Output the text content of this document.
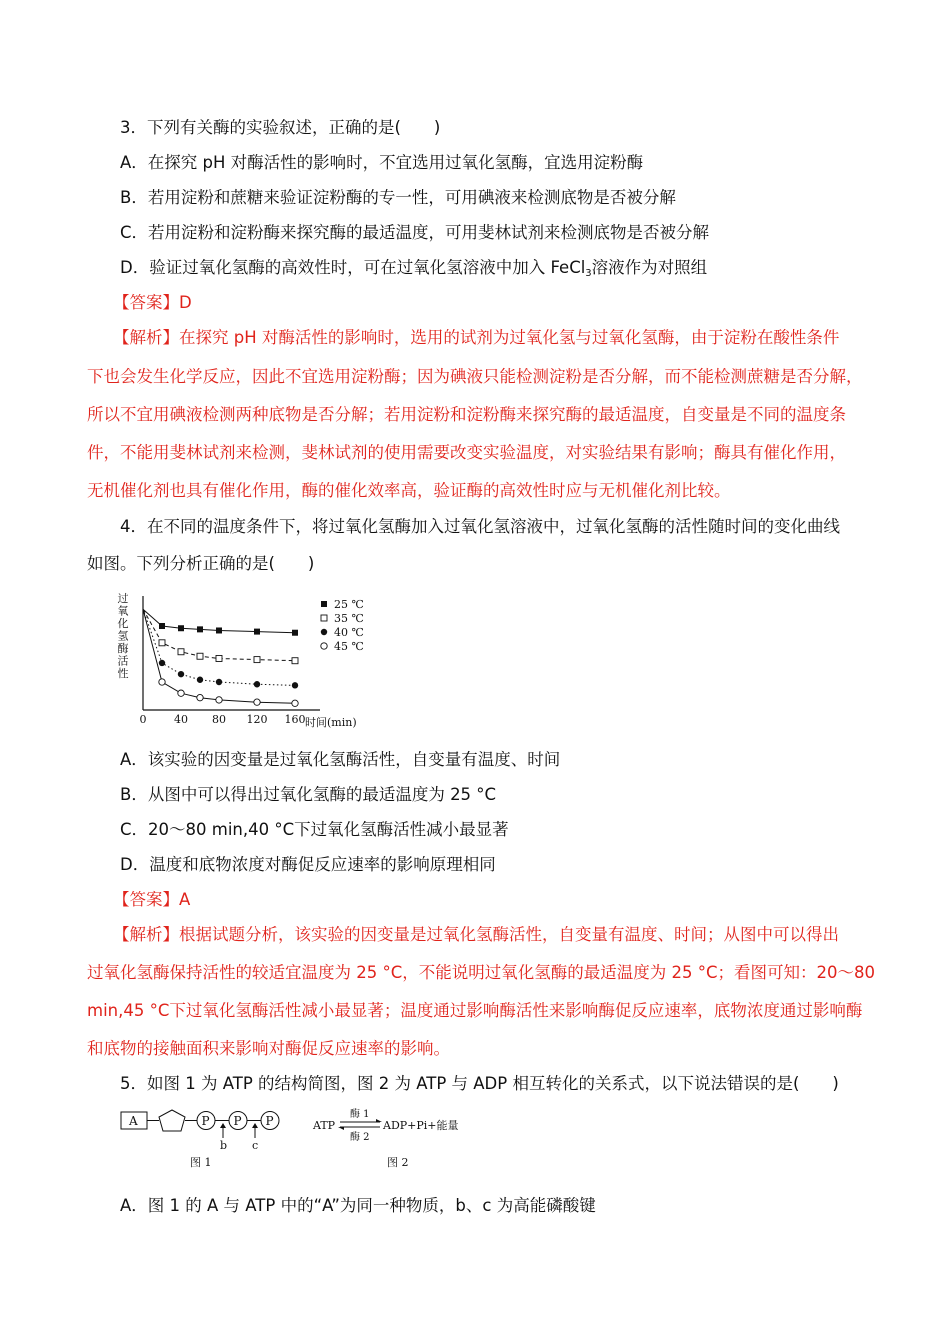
3．下列有关酶的实验叙述，正确的是(　　)
A．在探究 pH 对酶活性的影响时，不宜选用过氧化氢酶，宜选用淀粉酶
B．若用淀粉和蔗糖来验证淀粉酶的专一性，可用碘液来检测底物是否被分解
C．若用淀粉和淀粉酶来探究酶的最适温度，可用斐林试剂来检测底物是否被分解
D．验证过氧化氢酶的高效性时，可在过氧化氢溶液中加入 FeCl$_3$溶液作为对照组
【答案】D
【解析】在探究 pH 对酶活性的影响时，选用的试剂为过氧化氢与过氧化氢酶，由于淀粉在酸性条件
下也会发生化学反应，因此不宜选用淀粉酶；因为碘液只能检测淀粉是否分解，而不能检测蔗糖是否分解，
所以不宜用碘液检测两种底物是否分解；若用淀粉和淀粉酶来探究酶的最适温度，自变量是不同的温度条
件，不能用斐林试剂来检测，斐林试剂的使用需要改变实验温度，对实验结果有影响；酶具有催化作用，
无机催化剂也具有催化作用，酶的催化效率高，验证酶的高效性时应与无机催化剂比较。
4．在不同的温度条件下，将过氧化氢酶加入过氧化氢溶液中，过氧化氢酶的活性随时间的变化曲线
如图。下列分析正确的是(　　)
过氧化氢酶活性
0	40 80 120 160 时间(min)
25 ℃
35 ℃
40 ℃
45 ℃
A．该实验的因变量是过氧化氢酶活性，自变量有温度、时间
B．从图中可以得出过氧化氢酶的最适温度为 25 °C
C．20～80 min,40 °C下过氧化氢酶活性减小最显著
D．温度和底物浓度对酶促反应速率的影响原理相同
【答案】A
【解析】根据试题分析，该实验的因变量是过氧化氢酶活性，自变量有温度、时间；从图中可以得出
过氧化氢酶保持活性的较适宜温度为 25 °C，不能说明过氧化氢酶的最适温度为 25 °C；看图可知：20～80
min,45 °C下过氧化氢酶活性减小最显著；温度通过影响酶活性来影响酶促反应速率，底物浓度通过影响酶
和底物的接触面积来影响对酶促反应速率的影响。
5．如图 1 为 ATP 的结构简图，图 2 为 ATP 与 ADP 相互转化的关系式，以下说法错误的是(　　)
A	P P P
b c
图 1
ATP
酶 1
酶 2
ADP+Pi+能量
图 2
A．图 1 的 A 与 ATP 中的“A”为同一种物质，b、c 为高能磷酸键
